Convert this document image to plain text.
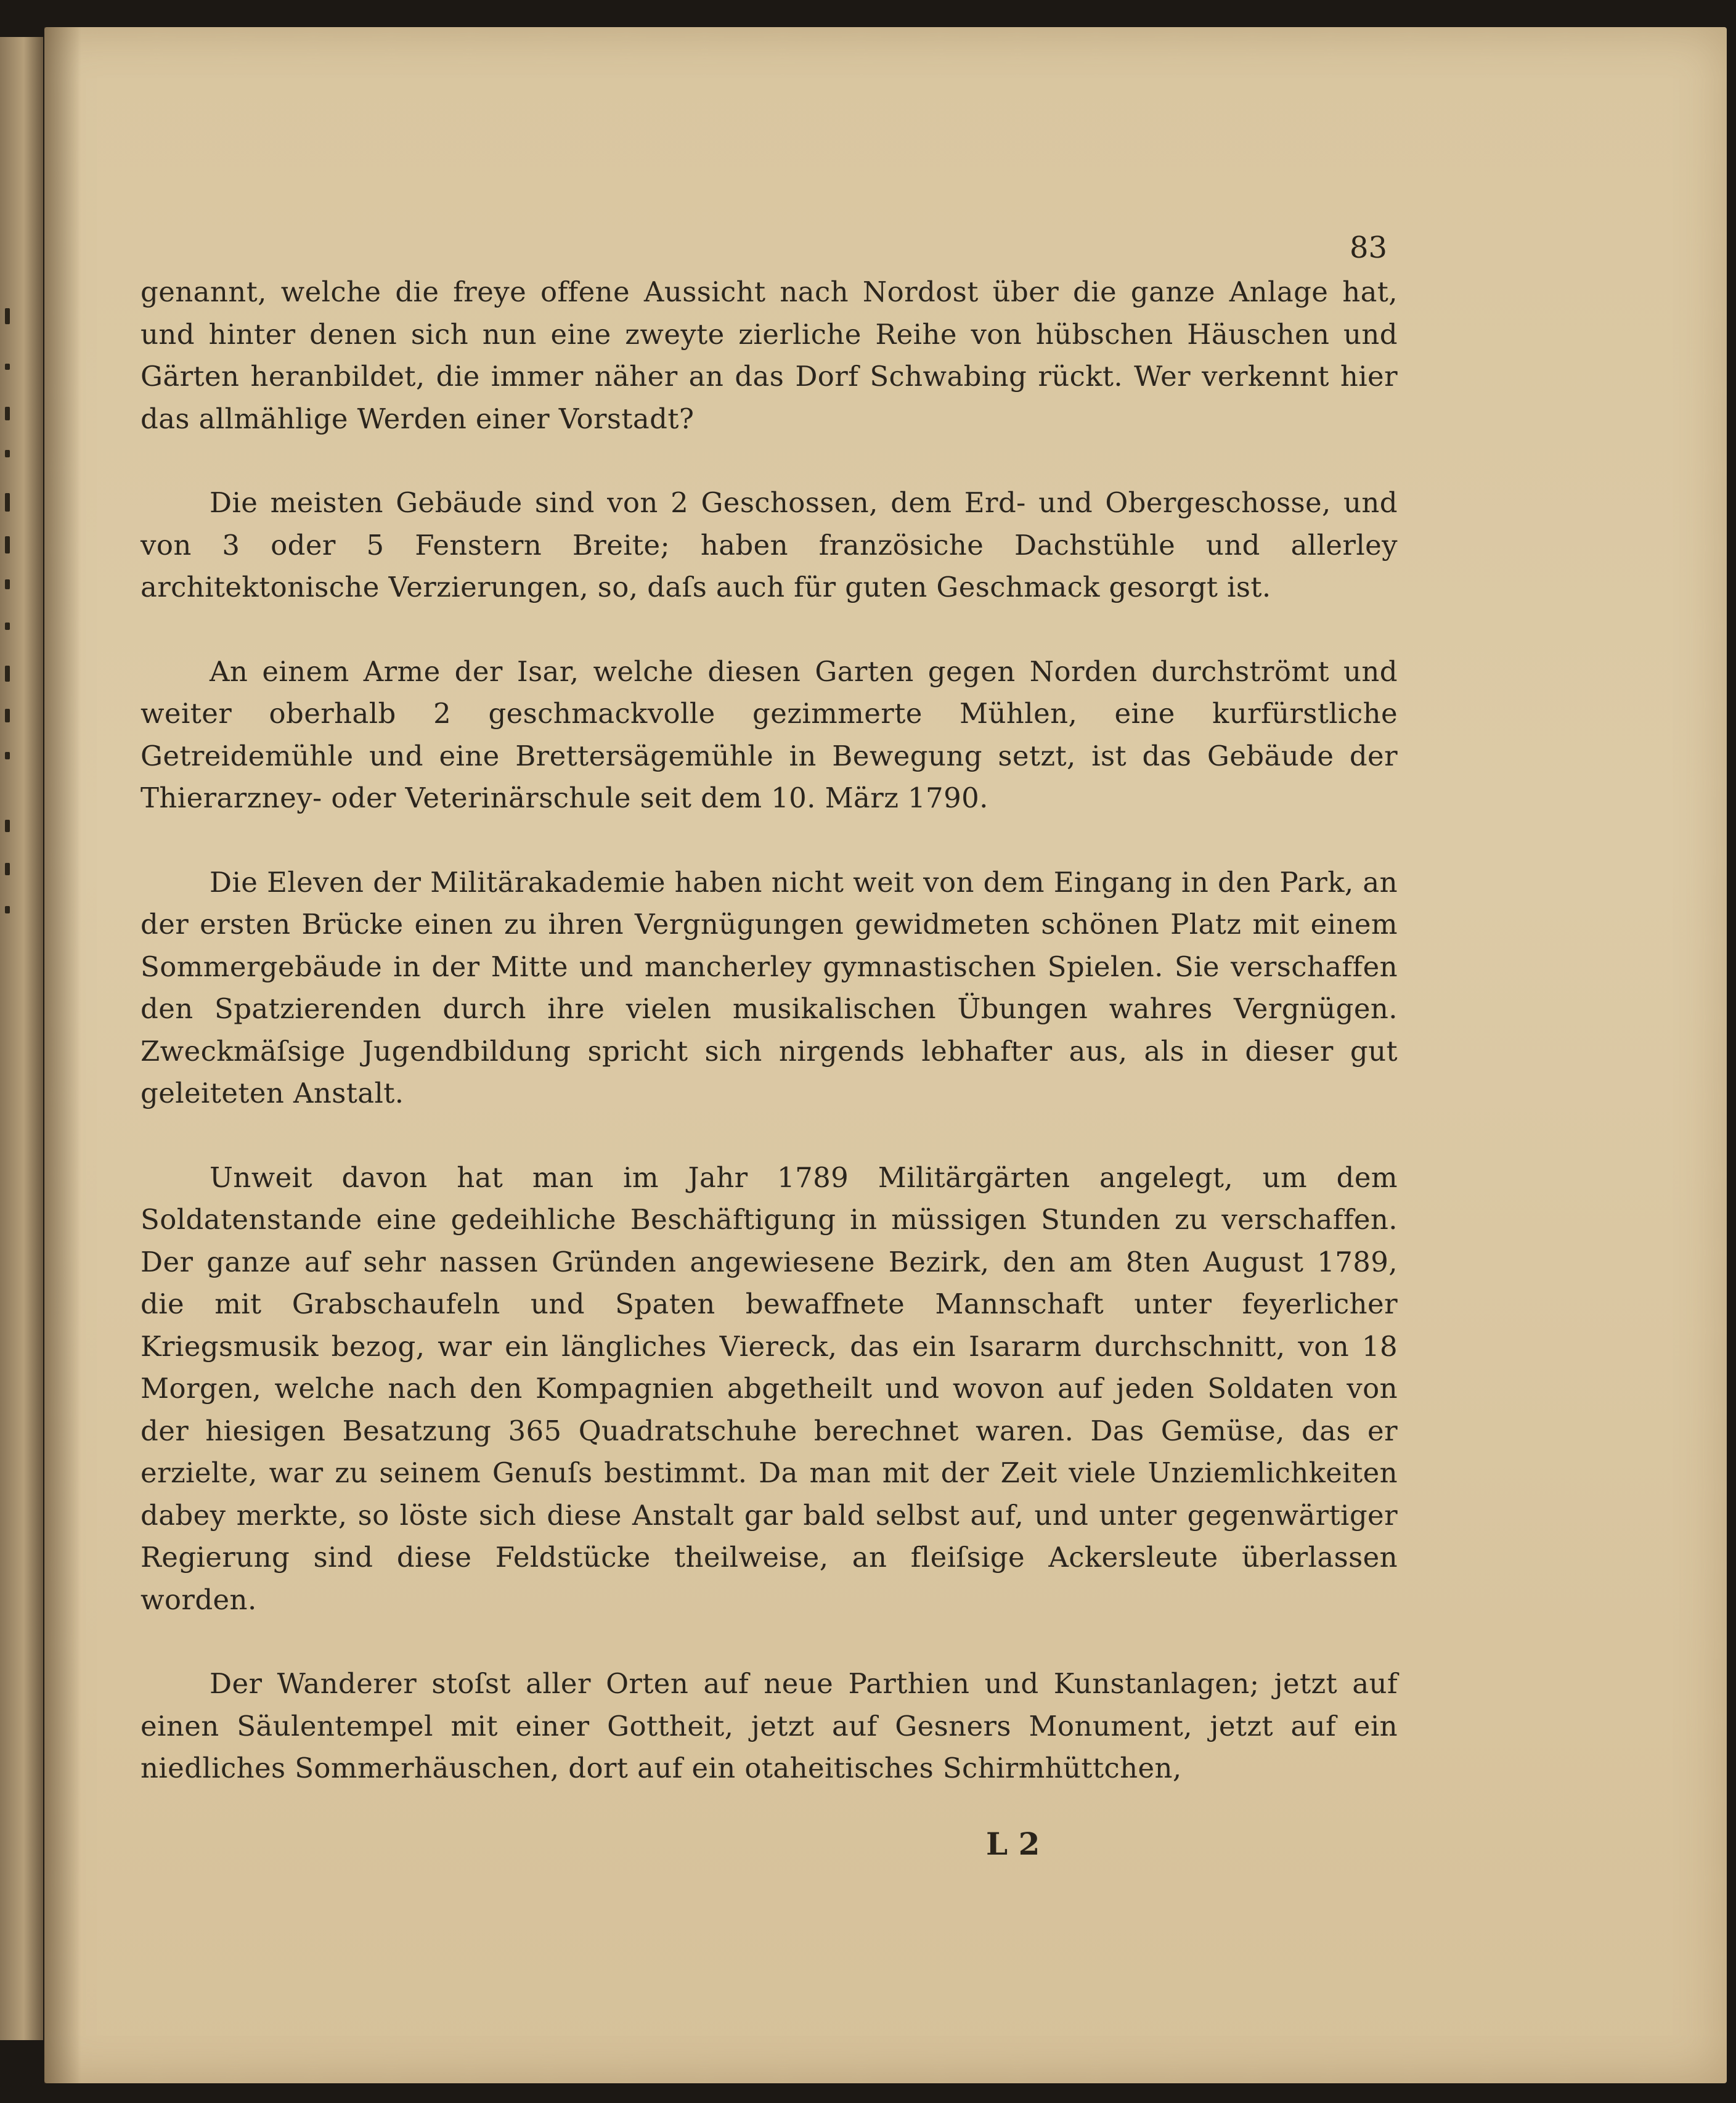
83

genannt, welche die freye offene Aussicht nach Nordost über die ganze Anlage hat, und hinter denen sich nun eine zweyte zierliche Reihe von hübschen Häuschen und Gärten heranbildet, die immer näher an das Dorf Schwabing rückt. Wer verkennt hier das allmählige Werden einer Vorstadt?

Die meisten Gebäude sind von 2 Geschossen, dem Erd- und Obergeschosse, und von 3 oder 5 Fenstern Breite; haben französiche Dachstühle und allerley architektonische Verzierungen, so, daſs auch für guten Geschmack gesorgt ist.

An einem Arme der Isar, welche diesen Garten gegen Norden durchströmt und weiter oberhalb 2 geschmackvolle gezimmerte Mühlen, eine kurfürstliche Getreidemühle und eine Brettersägemühle in Bewegung setzt, ist das Gebäude der Thierarzney- oder Veterinärschule seit dem 10. März 1790.

Die Eleven der Militärakademie haben nicht weit von dem Eingang in den Park, an der ersten Brücke einen zu ihren Vergnügungen gewidmeten schönen Platz mit einem Sommergebäude in der Mitte und mancherley gymnastischen Spielen. Sie verschaffen den Spatzierenden durch ihre vielen musikalischen Übungen wahres Vergnügen. Zweckmäſsige Jugendbildung spricht sich nirgends lebhafter aus, als in dieser gut geleiteten Anstalt.

Unweit davon hat man im Jahr 1789 Militärgärten angelegt, um dem Soldatenstande eine gedeihliche Beschäftigung in müssigen Stunden zu verschaffen. Der ganze auf sehr nassen Gründen angewiesene Bezirk, den am 8ten August 1789, die mit Grabschaufeln und Spaten bewaffnete Mannschaft unter feyerlicher Kriegsmusik bezog, war ein längliches Viereck, das ein Isararm durchschnitt, von 18 Morgen, welche nach den Kompagnien abgetheilt und wovon auf jeden Soldaten von der hiesigen Besatzung 365 Quadratschuhe berechnet waren. Das Gemüse, das er erzielte, war zu seinem Genuſs bestimmt. Da man mit der Zeit viele Unziemlichkeiten dabey merkte, so löste sich diese Anstalt gar bald selbst auf, und unter gegenwärtiger Regierung sind diese Feldstücke theilweise, an fleiſsige Ackersleute überlassen worden.

Der Wanderer stoſst aller Orten auf neue Parthien und Kunstanlagen; jetzt auf einen Säulentempel mit einer Gottheit, jetzt auf Gesners Monument, jetzt auf ein niedliches Sommerhäuschen, dort auf ein otaheitisches Schirmhüttchen,

L 2
